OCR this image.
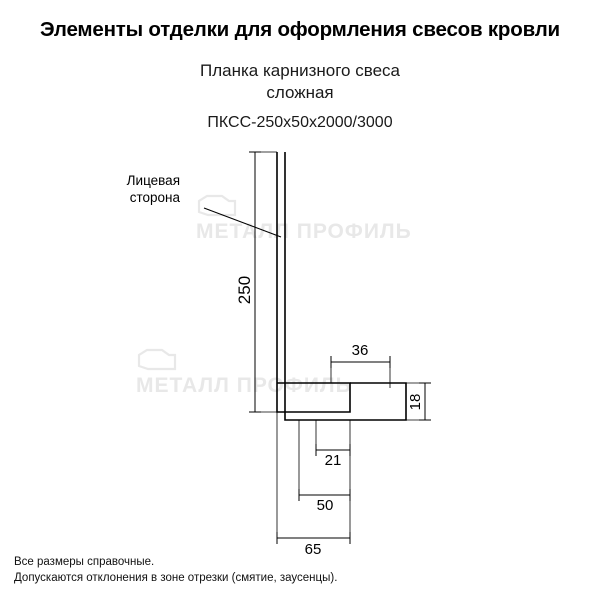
Элементы отделки для оформления свесов кровли
Планка карнизного свеса
сложная
ПКСС-250x50x2000/3000
МЕТАЛЛ ПРОФИЛЬ
МЕТАЛЛ ПРОФИЛЬ
Лицевая
сторона
250
36
18
21
50
65
Все размеры справочные.
Допускаются отклонения в зоне отрезки (смятие, заусенцы).
